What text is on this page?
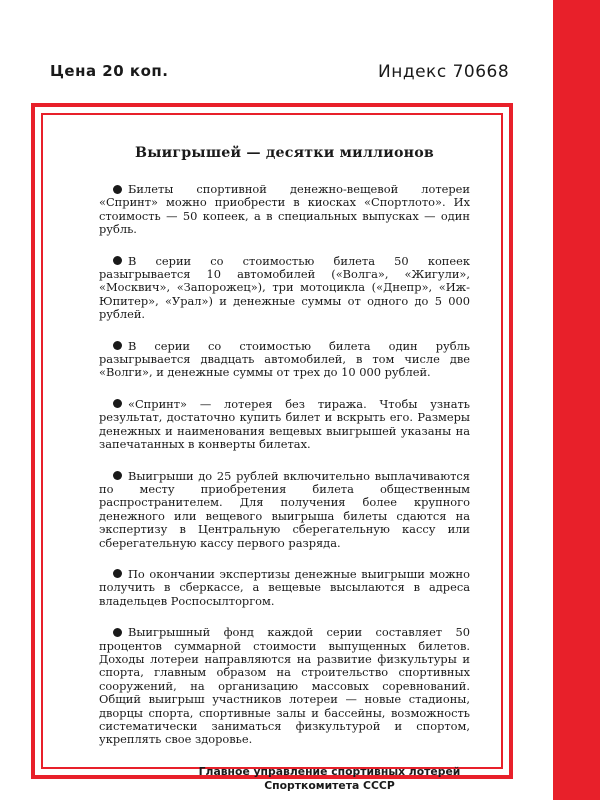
Цена 20 коп.	Индекс 70668
Выигрышей — десятки миллионов

Билеты спортивной денежно-вещевой лотереи «Спринт» можно приобрести в киосках «Спортлото». Их стоимость — 50 копеек, а в специальных выпусках — один рубль.

В серии со стоимостью билета 50 копеек разыгрывается 10 автомобилей («Волга», «Жигули», «Москвич», «Запорожец»), три мотоцикла («Днепр», «Иж-Юпитер», «Урал») и денежные суммы от одного до 5 000 рублей.

В серии со стоимостью билета один рубль разыгрывается двадцать автомобилей, в том числе две «Волги», и денежные суммы от трех до 10 000 рублей.

«Спринт» — лотерея без тиража. Чтобы узнать результат, достаточно купить билет и вскрыть его. Размеры денежных и наименования вещевых выигрышей указаны на запечатанных в конверты билетах.

Выигрыши до 25 рублей включительно выплачиваются по месту приобретения билета общественным распространителем. Для получения более крупного денежного или вещевого выигрыша билеты сдаются на экспертизу в Центральную сберегательную кассу или сберегательную кассу первого разряда.

По окончании экспертизы денежные выигрыши можно получить в сберкассе, а вещевые высылаются в адреса владельцев Роспосылторгом.

Выигрышный фонд каждой серии составляет 50 процентов суммарной стоимости выпущенных билетов. Доходы лотереи направляются на развитие физкультуры и спорта, главным образом на строительство спортивных сооружений, на организацию массовых соревнований. Общий выигрыш участников лотереи — новые стадионы, дворцы спорта, спортивные залы и бассейны, возможность систематически заниматься физкультурой и спортом, укреплять свое здоровье.

Главное управление спортивных лотерей
Спорткомитета СССР
